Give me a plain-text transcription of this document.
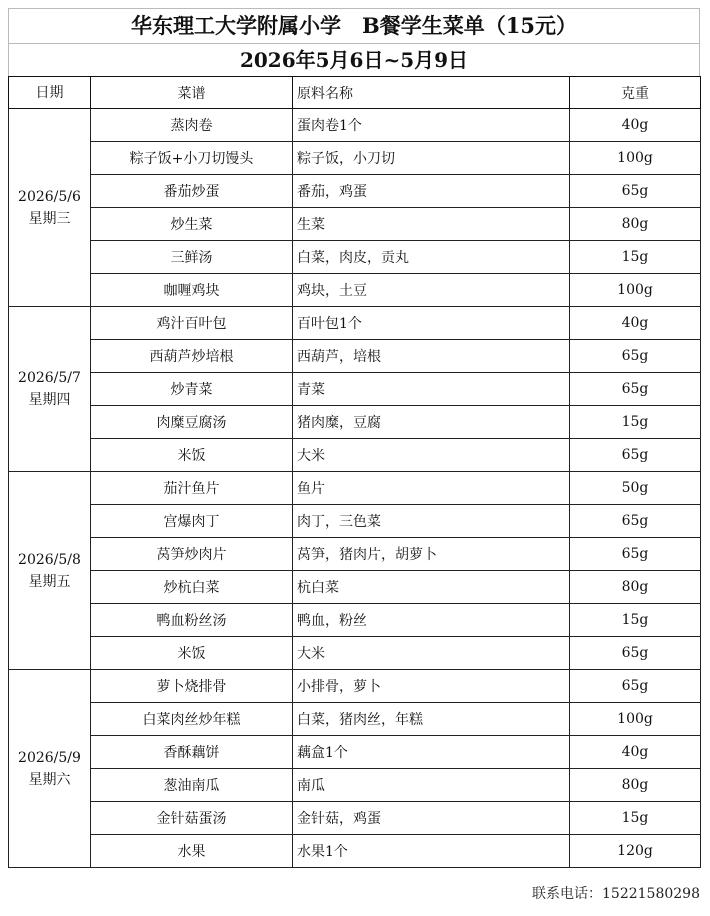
华东理工大学附属小学　B餐学生菜单（15元）
2026年5月6日~5月9日
日期	菜谱	原料名称	克重

2026/5/6
星期三	蒸肉卷	蛋肉卷1个	40g
	粽子饭+小刀切馒头	粽子饭，小刀切	100g
	番茄炒蛋	番茄，鸡蛋	65g
	炒生菜	生菜	80g
	三鲜汤	白菜，肉皮，贡丸	15g
	咖喱鸡块	鸡块，土豆	100g

2026/5/7
星期四	鸡汁百叶包	百叶包1个	40g
	西葫芦炒培根	西葫芦，培根	65g
	炒青菜	青菜	65g
	肉糜豆腐汤	猪肉糜，豆腐	15g
	米饭	大米	65g

2026/5/8
星期五	茄汁鱼片	鱼片	50g
	宫爆肉丁	肉丁，三色菜	65g
	莴笋炒肉片	莴笋，猪肉片，胡萝卜	65g
	炒杭白菜	杭白菜	80g
	鸭血粉丝汤	鸭血，粉丝	15g
	米饭	大米	65g

2026/5/9
星期六	萝卜烧排骨	小排骨，萝卜	65g
	白菜肉丝炒年糕	白菜，猪肉丝，年糕	100g
	香酥藕饼	藕盒1个	40g
	葱油南瓜	南瓜	80g
	金针菇蛋汤	金针菇，鸡蛋	15g
	水果	水果1个	120g
联系电话：15221580298
